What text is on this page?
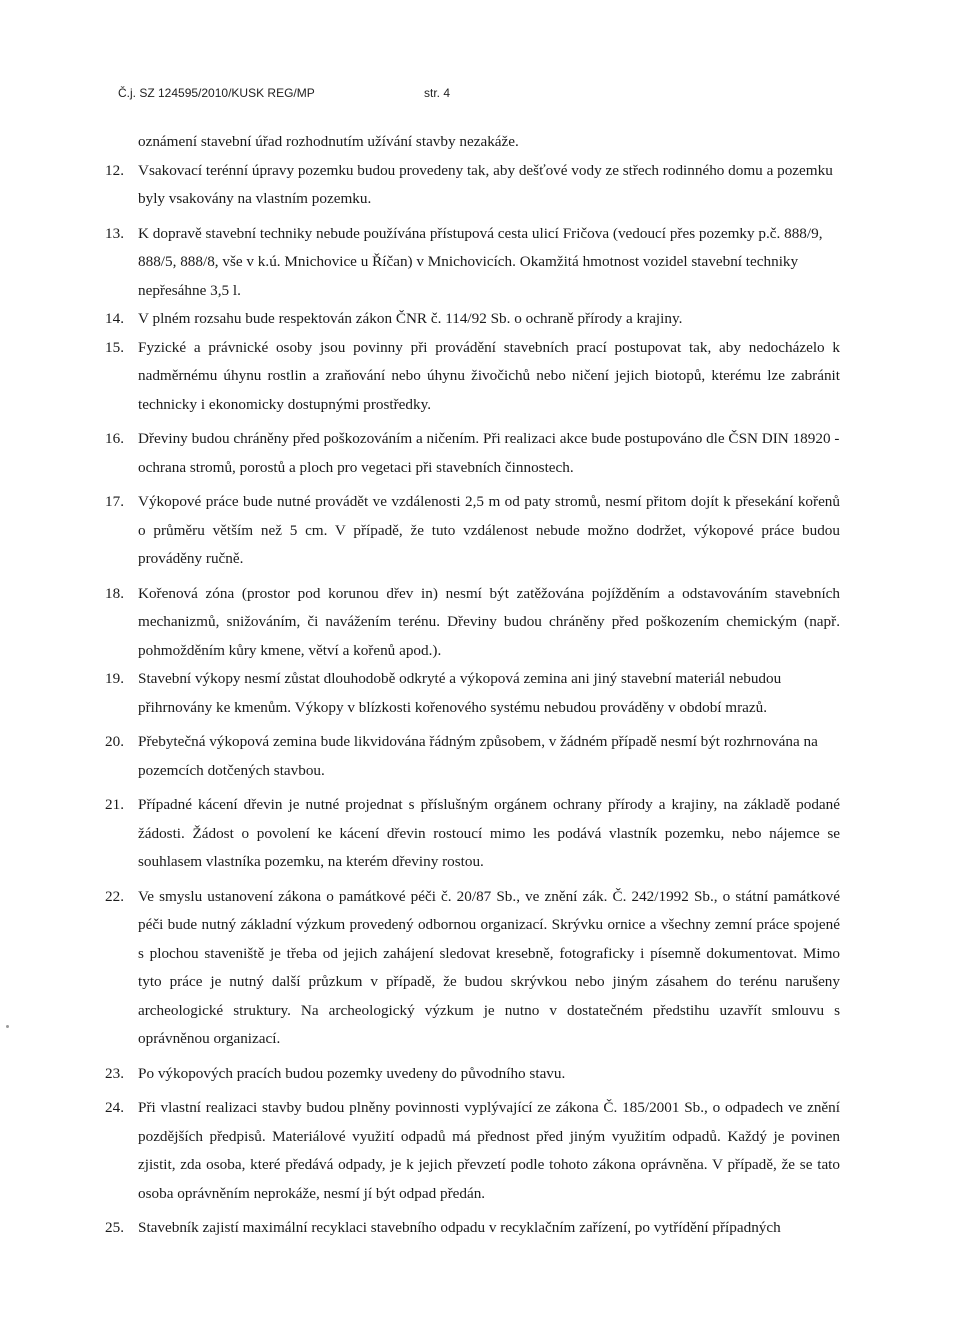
Č.j. SZ 124595/2010/KUSK REG/MP	str. 4
oznámení stavební úřad rozhodnutím užívání stavby nezakáže.
12. Vsakovací terénní úpravy pozemku budou provedeny tak, aby dešťové vody ze střech rodinného domu a pozemku byly vsakovány na vlastním pozemku.
13. K dopravě stavební techniky nebude používána přístupová cesta ulicí Fričova (vedoucí přes pozemky p.č. 888/9, 888/5, 888/8, vše v k.ú. Mnichovice u Říčan) v Mnichovicích. Okamžitá hmotnost vozidel stavební techniky nepřesáhne 3,5 l.
14. V plném rozsahu bude respektován zákon ČNR č. 114/92 Sb. o ochraně přírody a krajiny.
15. Fyzické a právnické osoby jsou povinny při provádění stavebních prací postupovat tak, aby nedocházelo k nadměrnému úhynu rostlin a zraňování nebo úhynu živočichů nebo ničení jejich biotopů, kterému lze zabránit technicky i ekonomicky dostupnými prostředky.
16. Dřeviny budou chráněny před poškozováním a ničením. Při realizaci akce bude postupováno dle ČSN DIN 18920 - ochrana stromů, porostů a ploch pro vegetaci při stavebních činnostech.
17. Výkopové práce bude nutné provádět ve vzdálenosti 2,5 m od paty stromů, nesmí přitom dojít k přesekání kořenů o průměru větším než 5 cm. V případě, že tuto vzdálenost nebude možno dodržet, výkopové práce budou prováděny ručně.
18. Kořenová zóna (prostor pod korunou dřev in) nesmí být zatěžována pojížděním a odstavováním stavebních mechanizmů, snižováním, či navážením terénu. Dřeviny budou chráněny před poškozením chemickým (např. pohmožděním kůry kmene, větví a kořenů apod.).
19. Stavební výkopy nesmí zůstat dlouhodobě odkryté a výkopová zemina ani jiný stavební materiál nebudou přihrnovány ke kmenům. Výkopy v blízkosti kořenového systému nebudou prováděny v období mrazů.
20. Přebytečná výkopová zemina bude likvidována řádným způsobem, v žádném případě nesmí být rozhrnována na pozemcích dotčených stavbou.
21. Případné kácení dřevin je nutné projednat s příslušným orgánem ochrany přírody a krajiny, na základě podané žádosti. Žádost o povolení ke kácení dřevin rostoucí mimo les podává vlastník pozemku, nebo nájemce se souhlasem vlastníka pozemku, na kterém dřeviny rostou.
22. Ve smyslu ustanovení zákona o památkové péči č. 20/87 Sb., ve znění zák. Č. 242/1992 Sb., o státní památkové péči bude nutný základní výzkum provedený odbornou organizací. Skrývku ornice a všechny zemní práce spojené s plochou staveniště je třeba od jejich zahájení sledovat kresebně, fotograficky i písemně dokumentovat. Mimo tyto práce je nutný další průzkum v případě, že budou skrývkou nebo jiným zásahem do terénu narušeny archeologické struktury. Na archeologický výzkum je nutno v dostatečném předstihu uzavřít smlouvu s oprávněnou organizací.
23. Po výkopových pracích budou pozemky uvedeny do původního stavu.
24. Při vlastní realizaci stavby budou plněny povinnosti vyplývající ze zákona Č. 185/2001 Sb., o odpadech ve znění pozdějších předpisů. Materiálové využití odpadů má přednost před jiným využitím odpadů. Každý je povinen zjistit, zda osoba, které předává odpady, je k jejich převzetí podle tohoto zákona oprávněna. V případě, že se tato osoba oprávněním neprokáže, nesmí jí být odpad předán.
25. Stavebník zajistí maximální recyklaci stavebního odpadu v recyklačním zařízení, po vytřídění případných
